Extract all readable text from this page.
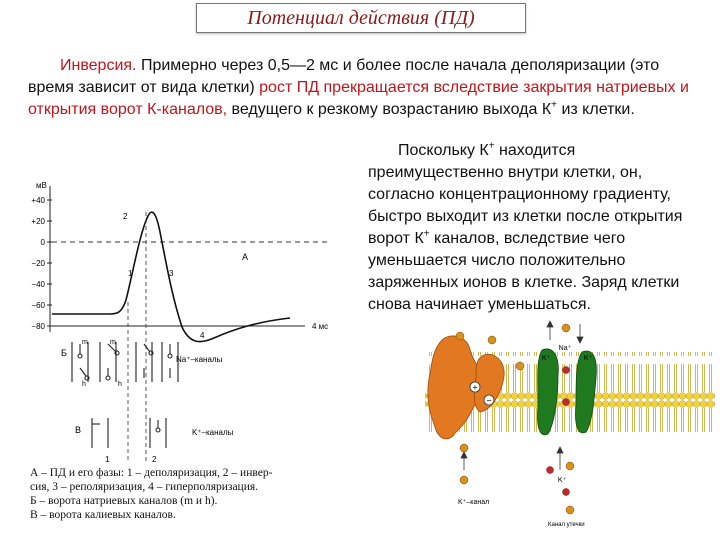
Потенциал действия (ПД)
Инверсия. Примерно через 0,5—2 мс и более после начала деполяризации (это время зависит от вида клетки) рост ПД прекращается вследствие закрытия натриевых и открытия ворот К-каналов, ведущего к резкому возрастанию выхода К+ из клетки.
Поскольку К+ находится преимущественно внутри клетки, он, согласно концентрационному градиенту, быстро выходит из клетки после открытия ворот К+ каналов, вследствие чего уменьшается число положительно заряженных ионов в клетке. Заряд клетки снова начинает уменьшаться.
мВ
+40
+20
0
−20
−40
−60
−80	4 мс
1
2
3
4
А
Б
m	m
h	h
Na⁺–каналы
В
1	2
K⁺–каналы
А – ПД и его фазы: 1 – деполяризация, 2 – инвер-
сия, 3 – реполяризация, 4 – гиперполяризация.
Б – ворота натриевых каналов (m и h).
В – ворота калиевых каналов.
+
−
Na⁺
K⁺	K⁺
K⁺
K⁺–канал
Канал утечки
